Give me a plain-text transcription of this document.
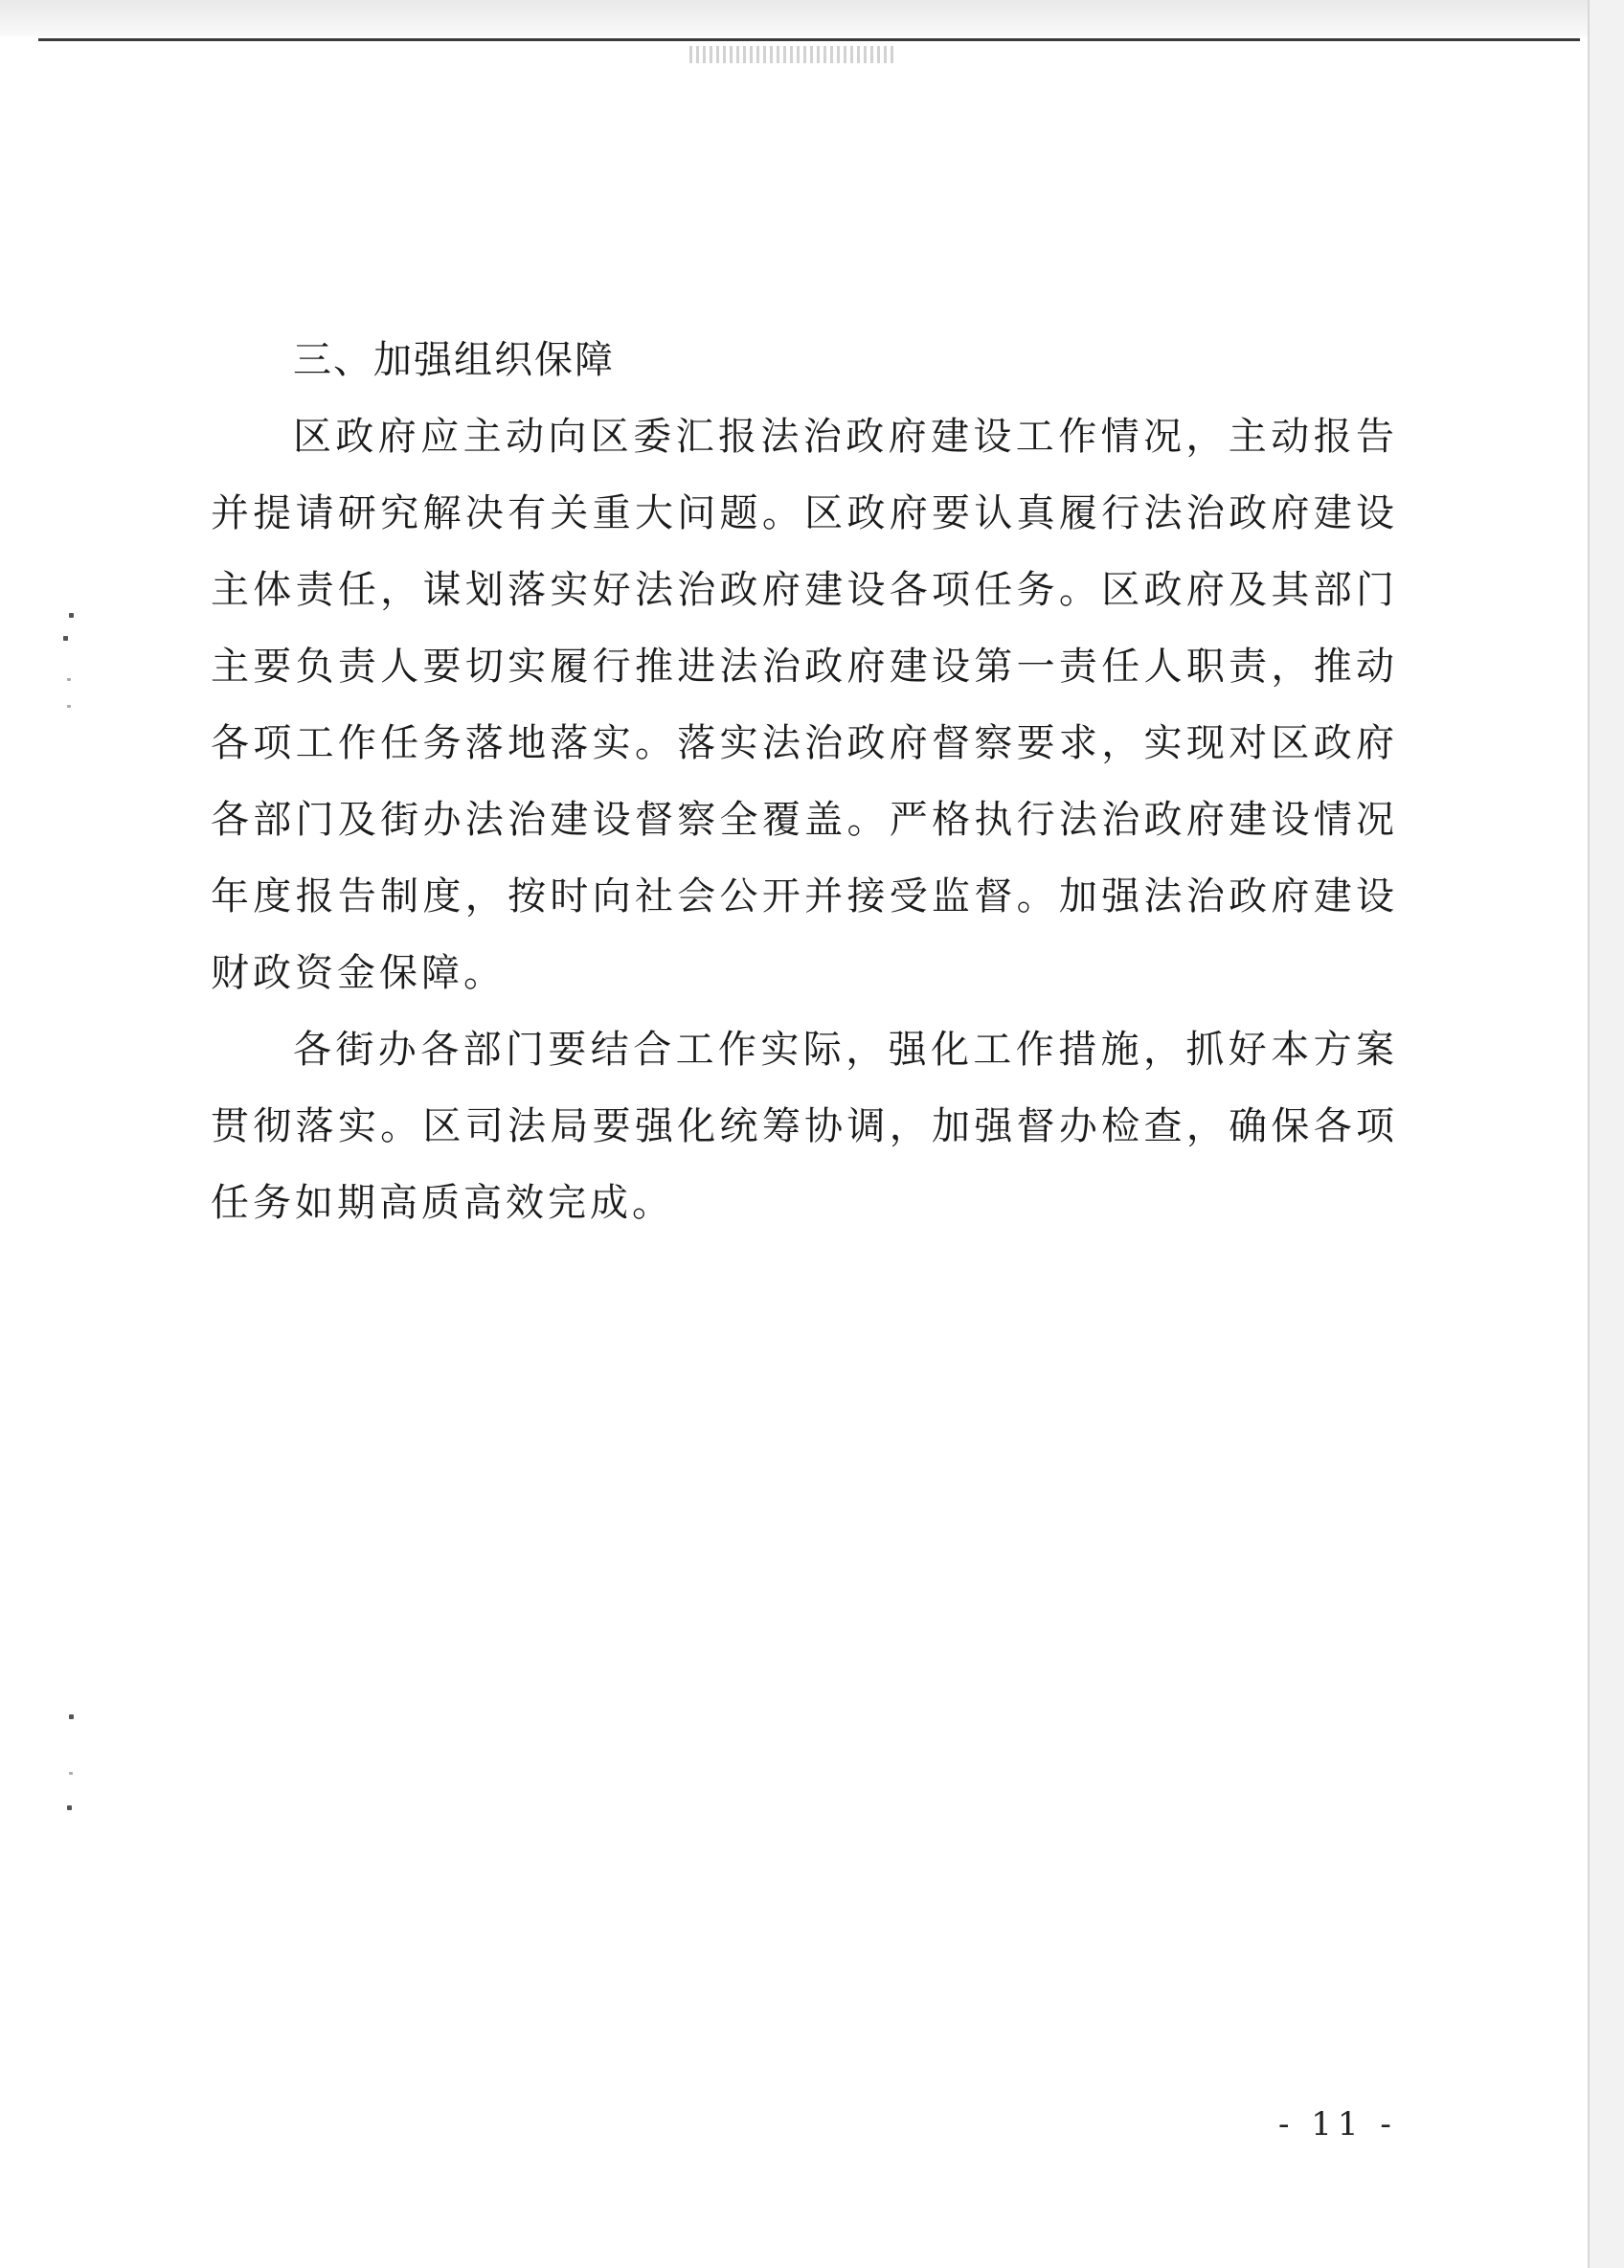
三、加强组织保障

区政府应主动向区委汇报法治政府建设工作情况，主动报告并提请研究解决有关重大问题。区政府要认真履行法治政府建设主体责任，谋划落实好法治政府建设各项任务。区政府及其部门主要负责人要切实履行推进法治政府建设第一责任人职责，推动各项工作任务落地落实。落实法治政府督察要求，实现对区政府各部门及街办法治建设督察全覆盖。严格执行法治政府建设情况年度报告制度，按时向社会公开并接受监督。加强法治政府建设财政资金保障。

各街办各部门要结合工作实际，强化工作措施，抓好本方案贯彻落实。区司法局要强化统筹协调，加强督办检查，确保各项任务如期高质高效完成。

- 11 -
